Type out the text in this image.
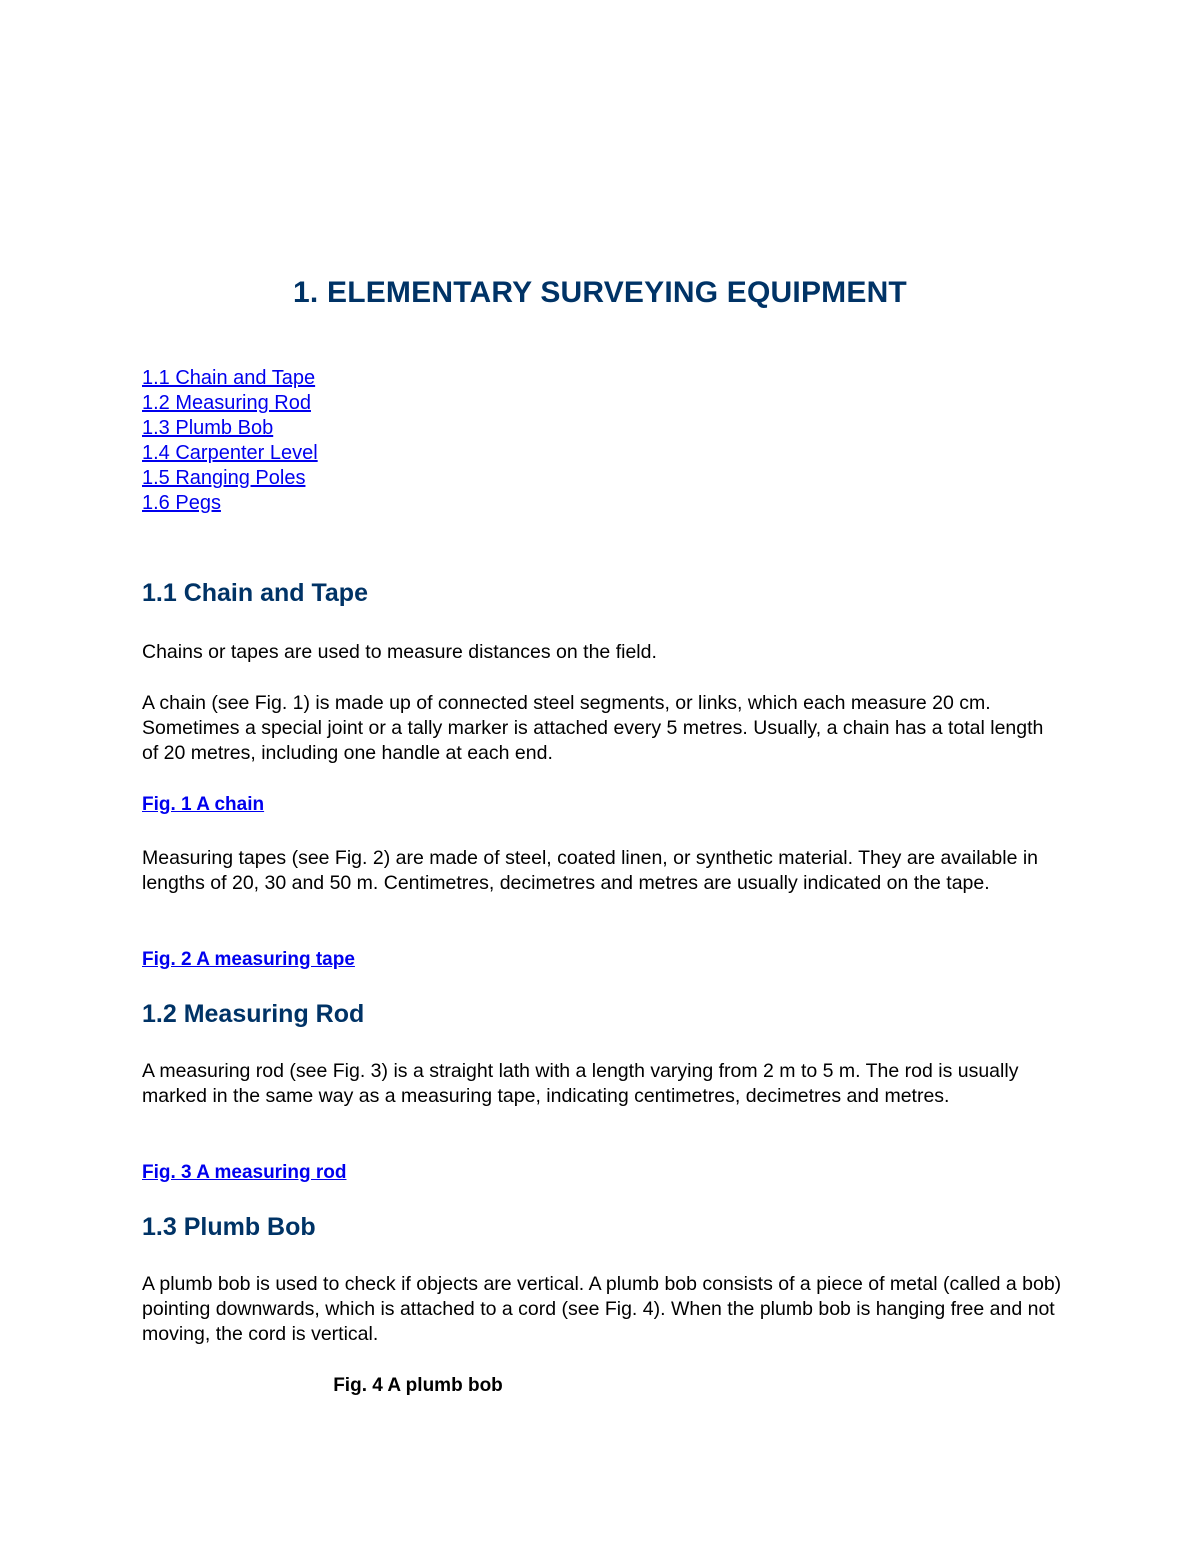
1. ELEMENTARY SURVEYING EQUIPMENT
1.1 Chain and Tape
1.2 Measuring Rod
1.3 Plumb Bob
1.4 Carpenter Level
1.5 Ranging Poles
1.6 Pegs
1.1 Chain and Tape

Chains or tapes are used to measure distances on the field.

A chain (see Fig. 1) is made up of connected steel segments, or links, which each measure 20 cm. Sometimes a special joint or a tally marker is attached every 5 metres. Usually, a chain has a total length of 20 metres, including one handle at each end.

Fig. 1 A chain

Measuring tapes (see Fig. 2) are made of steel, coated linen, or synthetic material. They are available in lengths of 20, 30 and 50 m. Centimetres, decimetres and metres are usually indicated on the tape.

Fig. 2 A measuring tape
1.2 Measuring Rod

A measuring rod (see Fig. 3) is a straight lath with a length varying from 2 m to 5 m. The rod is usually marked in the same way as a measuring tape, indicating centimetres, decimetres and metres.

Fig. 3 A measuring rod
1.3 Plumb Bob

A plumb bob is used to check if objects are vertical. A plumb bob consists of a piece of metal (called a bob) pointing downwards, which is attached to a cord (see Fig. 4). When the plumb bob is hanging free and not moving, the cord is vertical.

Fig. 4 A plumb bob
